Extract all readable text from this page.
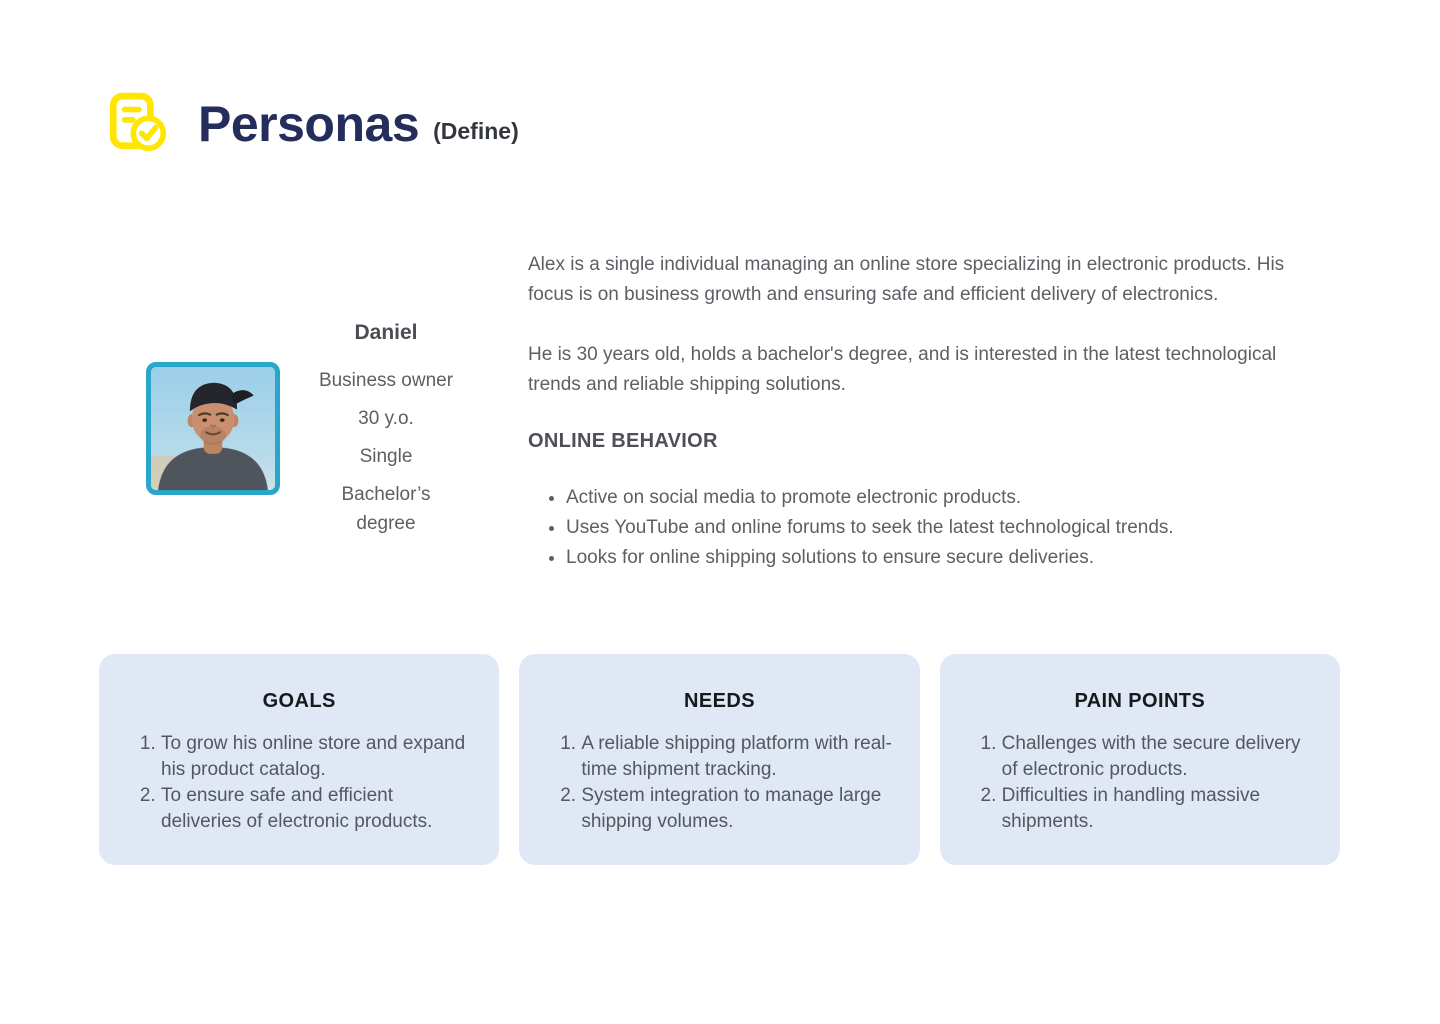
Personas (Define)
Daniel
Business owner
30 y.o.
Single
Bachelor’s degree

Alex is a single individual managing an online store specializing in electronic products. His focus is on business growth and ensuring safe and efficient delivery of electronics.

He is 30 years old, holds a bachelor's degree, and is interested in the latest technological trends and reliable shipping solutions.

ONLINE BEHAVIOR
• Active on social media to promote electronic products.
• Uses YouTube and online forums to seek the latest technological trends.
• Looks for online shipping solutions to ensure secure deliveries.
GOALS
1. To grow his online store and expand his product catalog.
2. To ensure safe and efficient deliveries of electronic products.
NEEDS
1. A reliable shipping platform with real-time shipment tracking.
2. System integration to manage large shipping volumes.
PAIN POINTS
1. Challenges with the secure delivery of electronic products.
2. Difficulties in handling massive shipments.
